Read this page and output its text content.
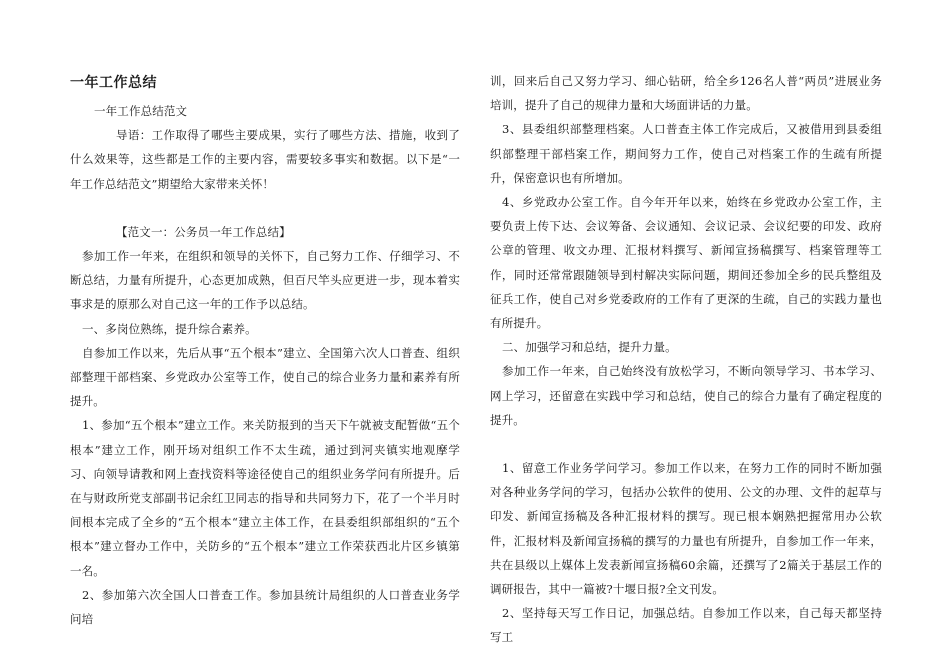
一年工作总结

一年工作总结范文

导语：工作取得了哪些主要成果，实行了哪些方法、措施，收到了什么效果等，这些都是工作的主要内容，需要较多事实和数据。以下是“一年工作总结范文”期望给大家带来关怀！

【范文一：公务员一年工作总结】

参加工作一年来，在组织和领导的关怀下，自己努力工作、仔细学习、不断总结，力量有所提升，心态更加成熟，但百尺竿头应更进一步，现本着实事求是的原那么对自己这一年的工作予以总结。

一、多岗位熟练，提升综合素养。

自参加工作以来，先后从事“五个根本”建立、全国第六次人口普查、组织部整理干部档案、乡党政办公室等工作，使自己的综合业务力量和素养有所提升。

1、参加“五个根本”建立工作。来关防报到的当天下午就被支配暂做“五个根本”建立工作，刚开场对组织工作不太生疏，通过到河夹镇实地观摩学习、向领导请教和网上查找资料等途径使自己的组织业务学问有所提升。后在与财政所党支部副书记余红卫同志的指导和共同努力下，花了一个半月时间根本完成了全乡的“五个根本“建立主体工作，在县委组织部组织的“五个根本”建立督办工作中，关防乡的“五个根本”建立工作荣获西北片区乡镇第一名。

2、参加第六次全国人口普查工作。参加县统计局组织的人口普查业务学问培

训，回来后自己又努力学习、细心钻研，给全乡126名人普“两员”进展业务培训，提升了自己的规律力量和大场面讲话的力量。

3、县委组织部整理档案。人口普查主体工作完成后，又被借用到县委组织部整理干部档案工作，期间努力工作，使自己对档案工作的生疏有所提升，保密意识也有所增加。

4、乡党政办公室工作。自今年开年以来，始终在乡党政办公室工作，主要负责上传下达、会议筹备、会议通知、会议记录、会议纪要的印发、政府公章的管理、收文办理、汇报材料撰写、新闻宣扬稿撰写、档案管理等工作，同时还常常跟随领导到村解决实际问题，期间还参加全乡的民兵整组及征兵工作，使自己对乡党委政府的工作有了更深的生疏，自己的实践力量也有所提升。

二、加强学习和总结，提升力量。

参加工作一年来，自己始终没有放松学习，不断向领导学习、书本学习、网上学习，还留意在实践中学习和总结，使自己的综合力量有了确定程度的提升。

1、留意工作业务学问学习。参加工作以来，在努力工作的同时不断加强对各种业务学问的学习，包括办公软件的使用、公文的办理、文件的起草与印发、新闻宣扬稿及各种汇报材料的撰写。现已根本娴熟把握常用办公软件，汇报材料及新闻宣扬稿的撰写的力量也有所提升，自参加工作一年来，共在县级以上媒体上发表新闻宣扬稿60余篇，还撰写了2篇关于基层工作的调研报告，其中一篇被?十堰日报?全文刊发。

2、坚持每天写工作日记，加强总结。自参加工作以来，自己每天都坚持写工
